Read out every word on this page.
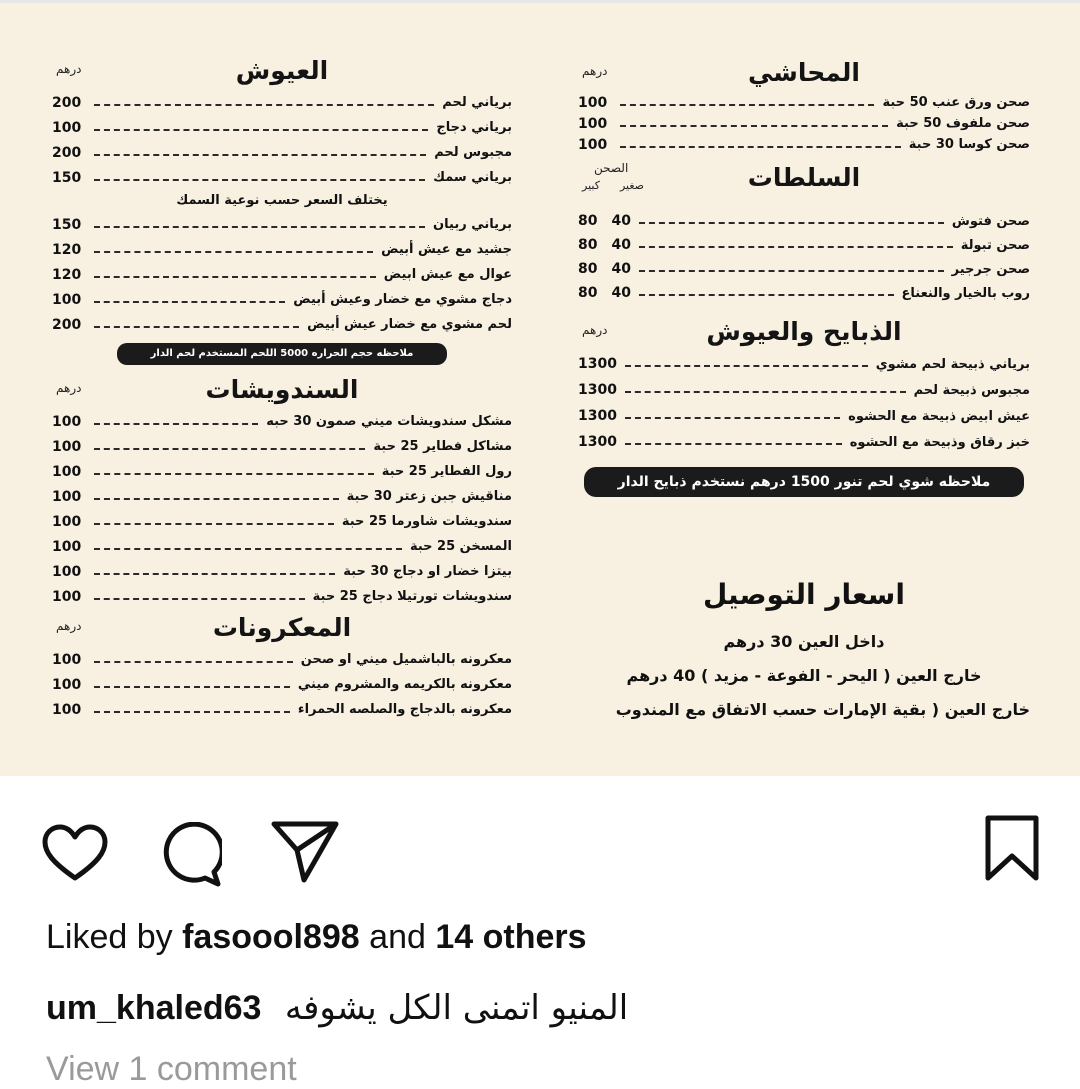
العيوش
درهم
برياني لحم
200
برياني دجاج
100
مجبوس لحم
200
برياني سمك
150
يختلف السعر حسب نوعية السمك
برياني ربيان
150
جشيد مع عيش أبيض
120
عوال مع عيش ابيض
120
دجاج مشوي مع خضار وعيش أبيض
100
لحم مشوي مع خضار عيش أبيض
200
ملاحظه حجم الحراره 5000 اللحم المستخدم لحم الدار
السندويشات
درهم
مشكل سندويشات ميني صمون 30 حبه
100
مشاكل فطاير 25 حبة
100
رول الفطاير 25 حبة
100
مناقيش جبن زعتر 30 حبة
100
سندويشات شاورما 25 حبة
100
المسخن 25 حبة
100
بيتزا خضار او دجاج 30 حبة
100
سندويشات تورتيلا دجاج 25 حبة
100
المعكرونات
درهم
معكرونه بالباشميل ميني او صحن
100
معكرونه بالكريمه والمشروم ميني
100
معكرونه بالدجاج والصلصه الحمراء
100
المحاشي
درهم
صحن ورق عنب 50 حبة
100
صحن ملفوف 50 حبة
100
صحن كوسا 30 حبة
100
السلطات
الصحن
كبير صغير
صحن فتوش
80 40
صحن تبولة
80 40
صحن جرجير
80 40
روب بالخيار والنعناع
80 40
الذبايح والعيوش
درهم
برياني ذبيحة لحم مشوي
1300
مجبوس ذبيحة لحم
1300
عيش ابيض ذبيحة مع الحشوه
1300
خبز رقاق وذبيحة مع الحشوه
1300
ملاحظه شوي لحم تنور 1500 درهم نستخدم ذبايح الدار
اسعار التوصيل
داخل العين 30 درهم
خارج العين ( اليحر - الفوعة - مزيد ) 40 درهم
خارج العين ( بقية الإمارات حسب الاتفاق مع المندوب
Liked by fasoool898 and 14 others
um_khaled63 المنيو اتمنى الكل يشوفه
View 1 comment
